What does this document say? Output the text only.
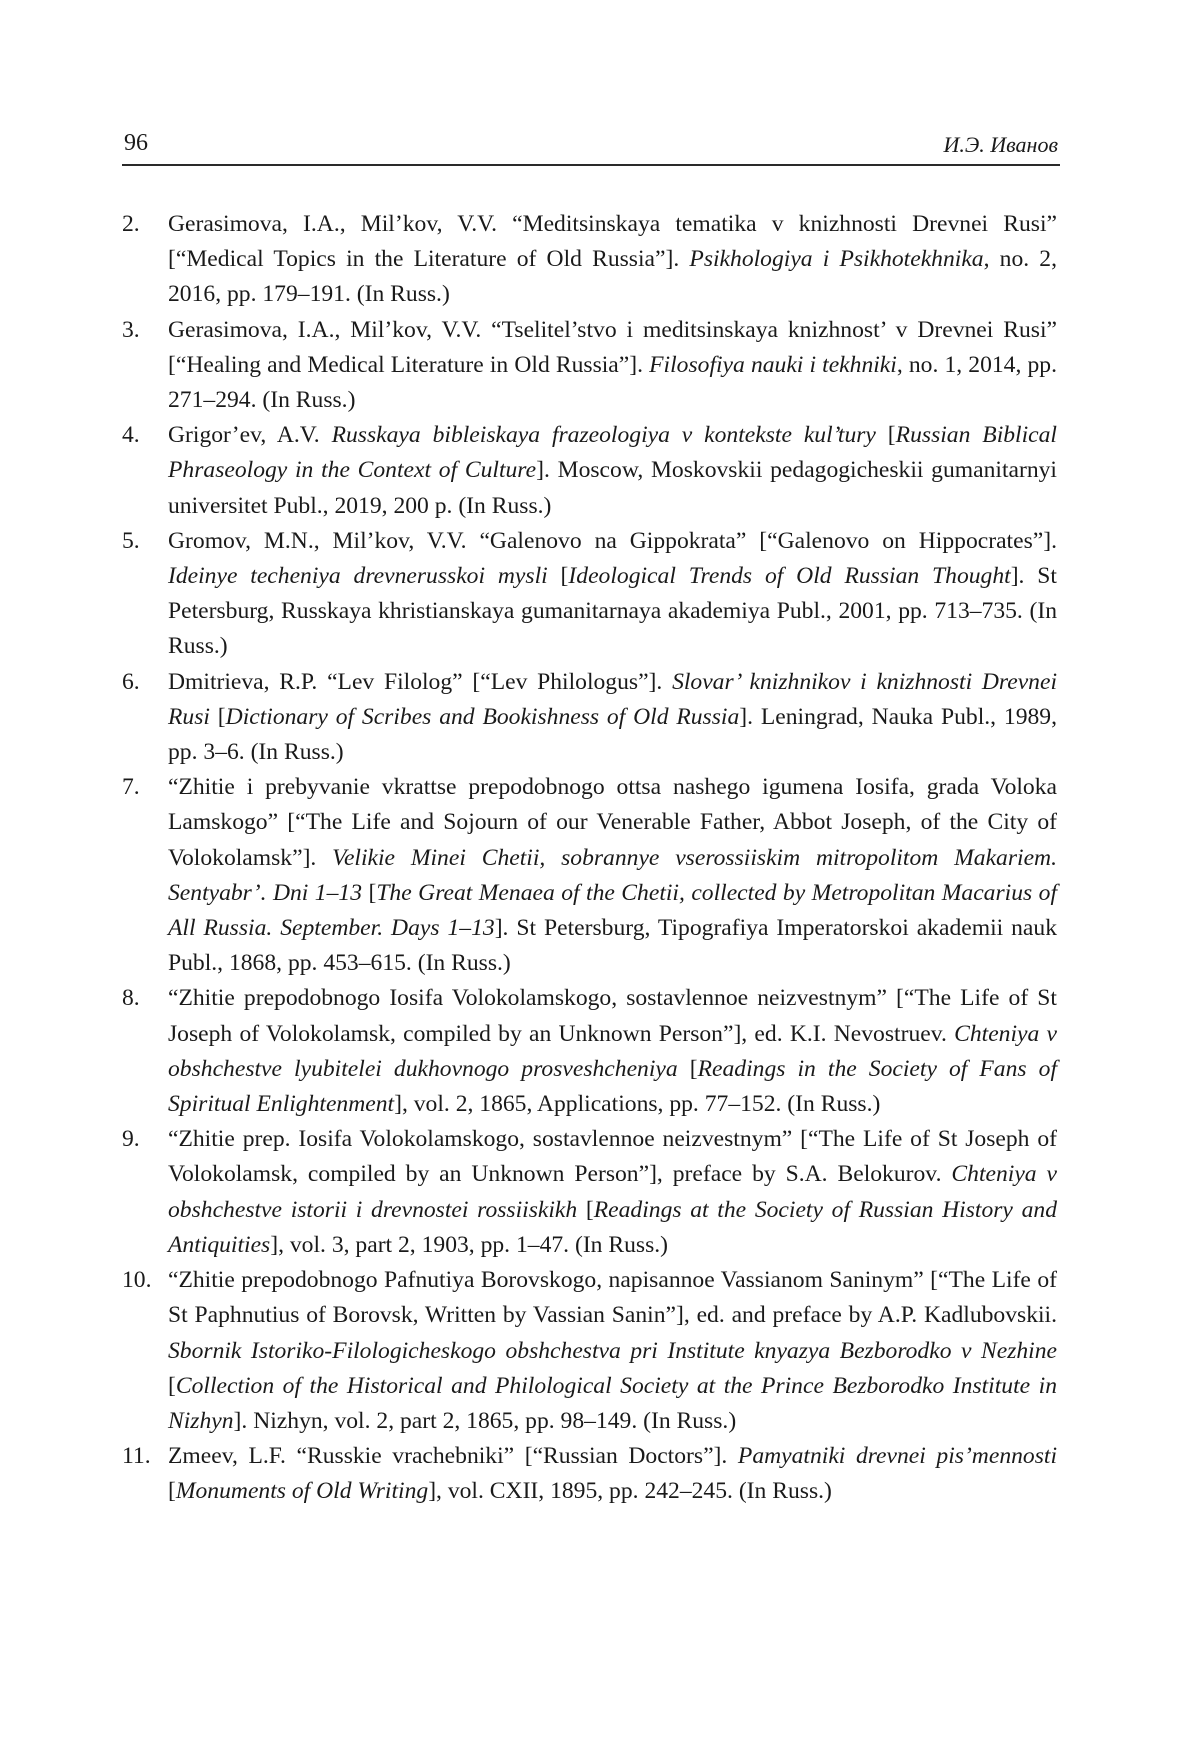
96	И.Э. Иванов
2. Gerasimova, I.A., Mil’kov, V.V. “Meditsinskaya tematika v knizhnosti Drevnei Rusi” [“Medical Topics in the Literature of Old Russia”]. Psikhologiya i Psikhotekhnika, no. 2, 2016, pp. 179–191. (In Russ.)
3. Gerasimova, I.A., Mil’kov, V.V. “Tselitel’stvo i meditsinskaya knizhnost’ v Drevnei Rusi” [“Healing and Medical Literature in Old Russia”]. Filosofiya nauki i tekhniki, no. 1, 2014, pp. 271–294. (In Russ.)
4. Grigor’ev, A.V. Russkaya bibleiskaya frazeologiya v kontekste kul’tury [Russian Biblical Phraseology in the Context of Culture]. Moscow, Moskovskii pedagogicheskii gumanitarnyi universitet Publ., 2019, 200 p. (In Russ.)
5. Gromov, M.N., Mil’kov, V.V. “Galenovo na Gippokrata” [“Galenovo on Hippocrates”]. Ideinye techeniya drevnerusskoi mysli [Ideological Trends of Old Russian Thought]. St Petersburg, Russkaya khristianskaya gumanitarnaya akademiya Publ., 2001, pp. 713–735. (In Russ.)
6. Dmitrieva, R.P. “Lev Filolog” [“Lev Philologus”]. Slovar’ knizhnikov i knizhnosti Drevnei Rusi [Dictionary of Scribes and Bookishness of Old Russia]. Leningrad, Nauka Publ., 1989, pp. 3–6. (In Russ.)
7. “Zhitie i prebyvanie vkrattse prepodobnogo ottsa nashego igumena Iosifa, grada Voloka Lamskogo” [“The Life and Sojourn of our Venerable Father, Abbot Joseph, of the City of Volokolamsk”]. Velikie Minei Chetii, sobrannye vserossiiskim mitropolitom Makariem. Sentyabr’. Dni 1–13 [The Great Menaea of the Chetii, collected by Metropolitan Macarius of All Russia. September. Days 1–13]. St Petersburg, Tipografiya Imperatorskoi akademii nauk Publ., 1868, pp. 453–615. (In Russ.)
8. “Zhitie prepodobnogo Iosifa Volokolamskogo, sostavlennoe neizvestnym” [“The Life of St Joseph of Volokolamsk, compiled by an Unknown Person”], ed. K.I. Nevostruev. Chteniya v obshchestve lyubitelei dukhovnogo prosveshcheniya [Readings in the Society of Fans of Spiritual Enlightenment], vol. 2, 1865, Applications, pp. 77–152. (In Russ.)
9. “Zhitie prep. Iosifa Volokolamskogo, sostavlennoe neizvestnym” [“The Life of St Joseph of Volokolamsk, compiled by an Unknown Person”], preface by S.A. Belokurov. Chteniya v obshchestve istorii i drevnostei rossiiskikh [Readings at the Society of Russian History and Antiquities], vol. 3, part 2, 1903, pp. 1–47. (In Russ.)
10. “Zhitie prepodobnogo Pafnutiya Borovskogo, napisannoe Vassianom Saninym” [“The Life of St Paphnutius of Borovsk, Written by Vassian Sanin”], ed. and preface by A.P. Kadlubovskii. Sbornik Istoriko-Filologicheskogo obshchestva pri Institute knyazya Bezborodko v Nezhine [Collection of the Historical and Philological Society at the Prince Bezborodko Institute in Nizhyn]. Nizhyn, vol. 2, part 2, 1865, pp. 98–149. (In Russ.)
11. Zmeev, L.F. “Russkie vrachebniki” [“Russian Doctors”]. Pamyatniki drevnei pis’mennosti [Monuments of Old Writing], vol. CXII, 1895, pp. 242–245. (In Russ.)
